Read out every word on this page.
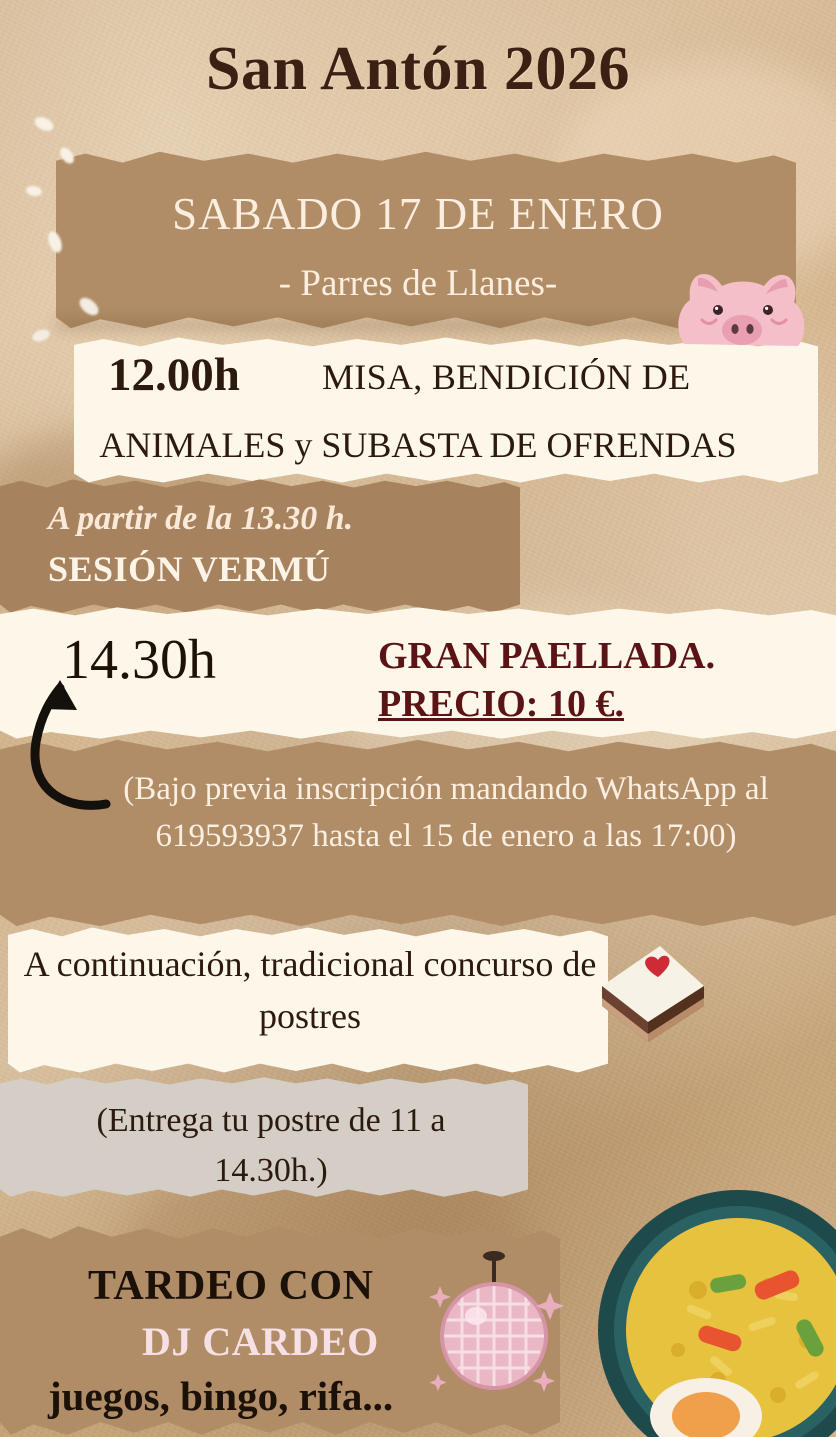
San Antón 2026
SABADO 17 DE ENERO
- Parres de Llanes-
12.00h MISA, BENDICIÓN DE
ANIMALES y SUBASTA DE OFRENDAS
A partir de la 13.30 h.
SESIÓN VERMÚ
14.30h	GRAN PAELLADA.
PRECIO: 10 €.
(Bajo previa inscripción mandando WhatsApp al 619593937 hasta el 15 de enero a las 17:00)
A continuación, tradicional concurso de postres
(Entrega tu postre de 11 a 14.30h.)
TARDEO CON
DJ CARDEO
juegos, bingo, rifa...
